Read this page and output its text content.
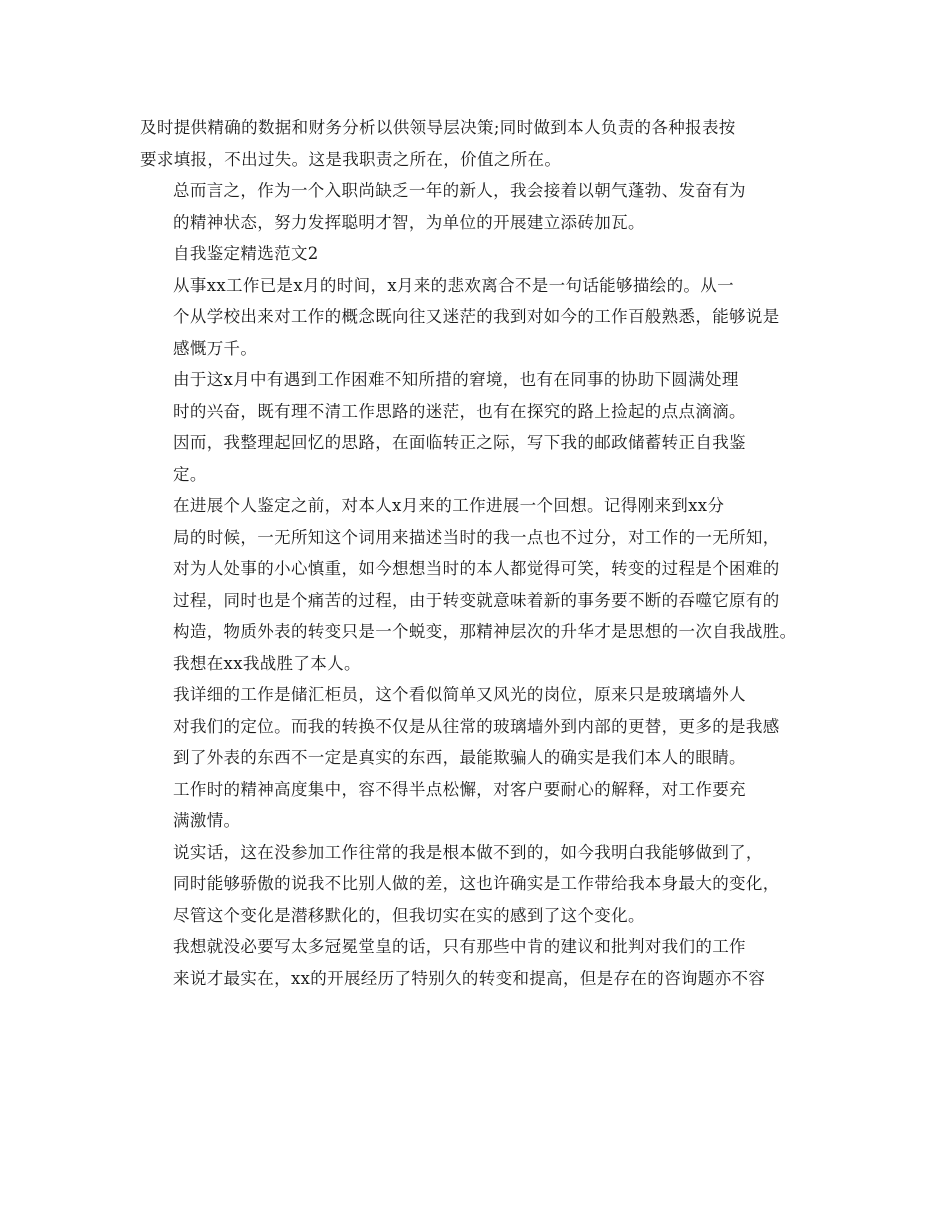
及时提供精确的数据和财务分析以供领导层决策;同时做到本人负责的各种报表按
要求填报，不出过失。这是我职责之所在，价值之所在。

总而言之，作为一个入职尚缺乏一年的新人，我会接着以朝气蓬勃、发奋有为
的精神状态，努力发挥聪明才智，为单位的开展建立添砖加瓦。

自我鉴定精选范文2

从事xx工作已是x月的时间，x月来的悲欢离合不是一句话能够描绘的。从一
个从学校出来对工作的概念既向往又迷茫的我到对如今的工作百般熟悉，能够说是
感慨万千。

由于这x月中有遇到工作困难不知所措的窘境，也有在同事的协助下圆满处理
时的兴奋，既有理不清工作思路的迷茫，也有在探究的路上捡起的点点滴滴。

因而，我整理起回忆的思路，在面临转正之际，写下我的邮政储蓄转正自我鉴
定。

在进展个人鉴定之前，对本人x月来的工作进展一个回想。记得刚来到xx分
局的时候，一无所知这个词用来描述当时的我一点也不过分，对工作的一无所知，
对为人处事的小心慎重，如今想想当时的本人都觉得可笑，转变的过程是个困难的
过程，同时也是个痛苦的过程，由于转变就意味着新的事务要不断的吞噬它原有的
构造，物质外表的转变只是一个蜕变，那精神层次的升华才是思想的一次自我战胜。

我想在xx我战胜了本人。

我详细的工作是储汇柜员，这个看似简单又风光的岗位，原来只是玻璃墙外人
对我们的定位。而我的转换不仅是从往常的玻璃墙外到内部的更替，更多的是我感
到了外表的东西不一定是真实的东西，最能欺骗人的确实是我们本人的眼睛。

工作时的精神高度集中，容不得半点松懈，对客户要耐心的解释，对工作要充
满激情。

说实话，这在没参加工作往常的我是根本做不到的，如今我明白我能够做到了，
同时能够骄傲的说我不比别人做的差，这也许确实是工作带给我本身最大的变化，
尽管这个变化是潜移默化的，但我切实在实的感到了这个变化。

我想就没必要写太多冠冕堂皇的话，只有那些中肯的建议和批判对我们的工作
来说才最实在，xx的开展经历了特别久的转变和提高，但是存在的咨询题亦不容
